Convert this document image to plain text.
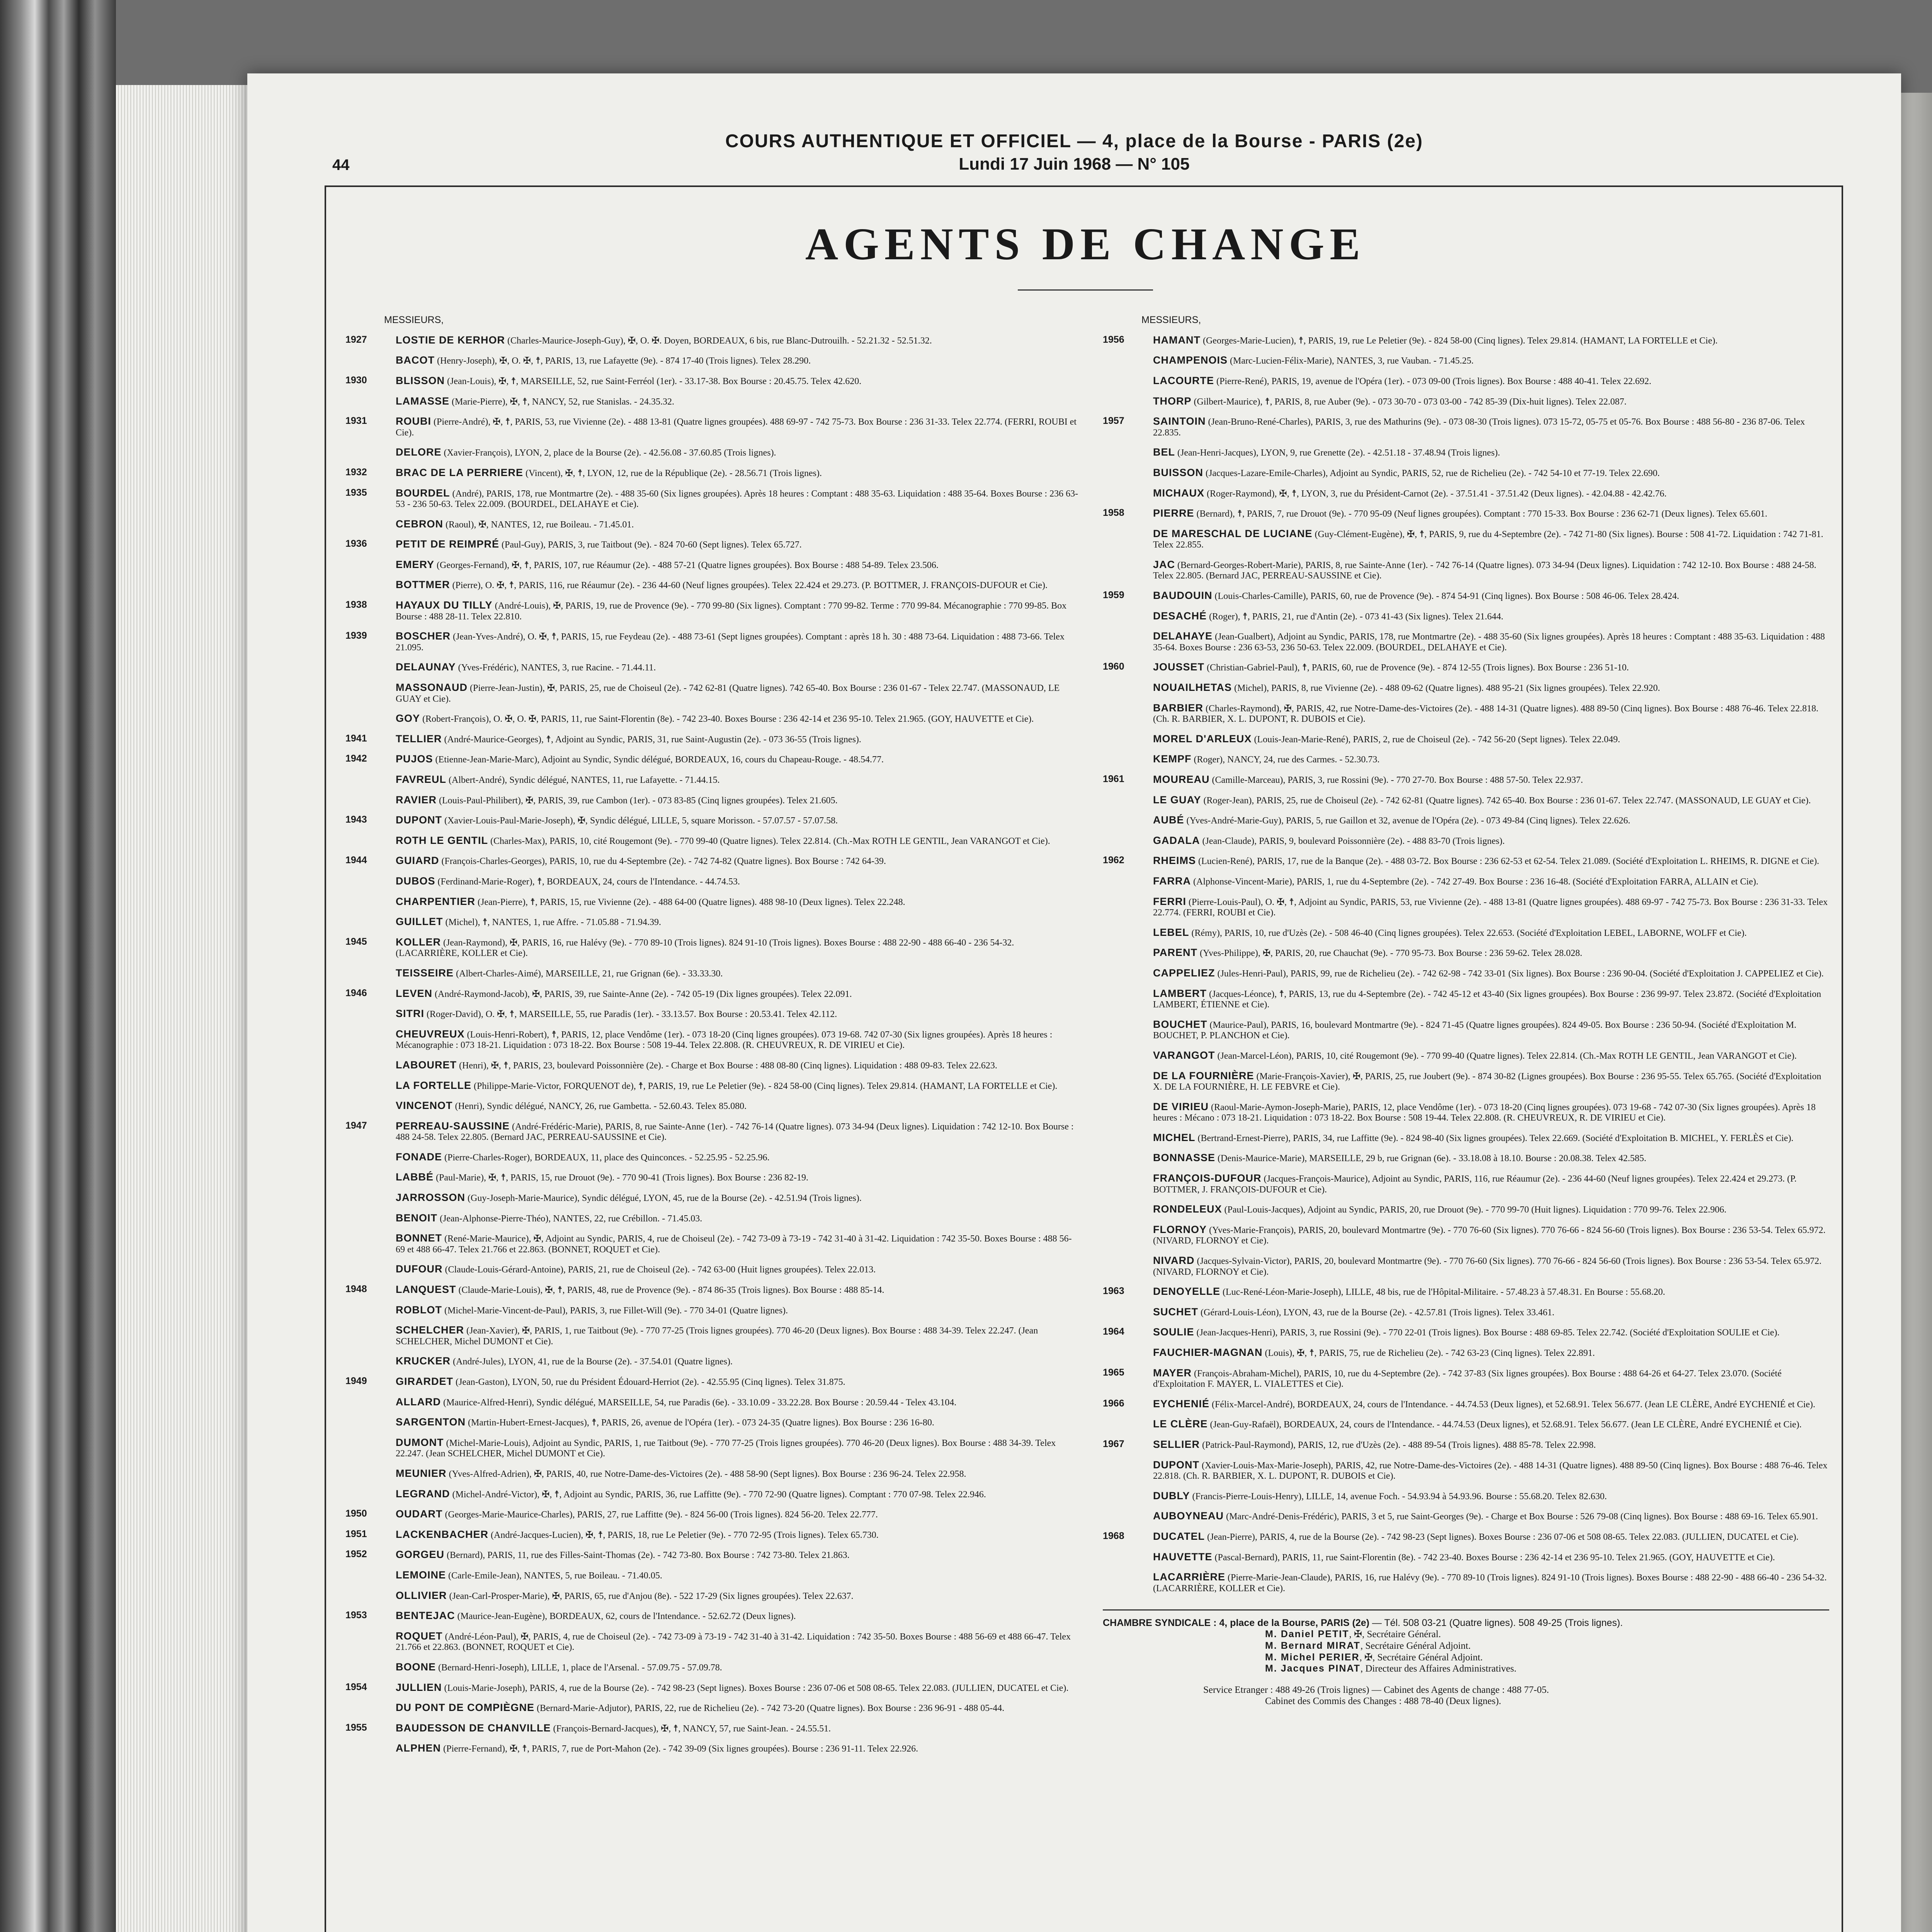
44
COURS AUTHENTIQUE ET OFFICIEL — 4, place de la Bourse - PARIS (2e)
Lundi 17 Juin 1968 — N° 105
AGENTS DE CHANGE
MESSIEURS,
1927	LOSTIE DE KERHOR (Charles-Maurice-Joseph-Guy), ✠, O. ✠. Doyen, BORDEAUX, 6 bis, rue Blanc-Dutrouilh. - 52.21.32 - 52.51.32.
BACOT (Henry-Joseph), ✠, O. ✠, ☨, PARIS, 13, rue Lafayette (9e). - 874 17-40 (Trois lignes). Telex 28.290.
1930	BLISSON (Jean-Louis), ✠, ☨, MARSEILLE, 52, rue Saint-Ferréol (1er). - 33.17-38. Box Bourse : 20.45.75. Telex 42.620.
LAMASSE (Marie-Pierre), ✠, ☨, NANCY, 52, rue Stanislas. - 24.35.32.
1931	ROUBI (Pierre-André), ✠, ☨, PARIS, 53, rue Vivienne (2e). - 488 13-81 (Quatre lignes groupées). 488 69-97 - 742 75-73. Box Bourse : 236 31-33. Telex 22.774. (FERRI, ROUBI et Cie).
DELORE (Xavier-François), LYON, 2, place de la Bourse (2e). - 42.56.08 - 37.60.85 (Trois lignes).
1932	BRAC DE LA PERRIERE (Vincent), ✠, ☨, LYON, 12, rue de la République (2e). - 28.56.71 (Trois lignes).
1935	BOURDEL (André), PARIS, 178, rue Montmartre (2e). - 488 35-60 (Six lignes groupées). Après 18 heures : Comptant : 488 35-63. Liquidation : 488 35-64. Boxes Bourse : 236 63-53 - 236 50-63. Telex 22.009. (BOURDEL, DELAHAYE et Cie).
CEBRON (Raoul), ✠, NANTES, 12, rue Boileau. - 71.45.01.
1936	PETIT DE REIMPRÉ (Paul-Guy), PARIS, 3, rue Taitbout (9e). - 824 70-60 (Sept lignes). Telex 65.727.
EMERY (Georges-Fernand), ✠, ☨, PARIS, 107, rue Réaumur (2e). - 488 57-21 (Quatre lignes groupées). Box Bourse : 488 54-89. Telex 23.506.
BOTTMER (Pierre), O. ✠, ☨, PARIS, 116, rue Réaumur (2e). - 236 44-60 (Neuf lignes groupées). Telex 22.424 et 29.273. (P. BOTTMER, J. FRANÇOIS-DUFOUR et Cie).
1938	HAYAUX DU TILLY (André-Louis), ✠, PARIS, 19, rue de Provence (9e). - 770 99-80 (Six lignes). Comptant : 770 99-82. Terme : 770 99-84. Mécanographie : 770 99-85. Box Bourse : 488 28-11. Telex 22.810.
1939	BOSCHER (Jean-Yves-André), O. ✠, ☨, PARIS, 15, rue Feydeau (2e). - 488 73-61 (Sept lignes groupées). Comptant : après 18 h. 30 : 488 73-64. Liquidation : 488 73-66. Telex 21.095.
DELAUNAY (Yves-Frédéric), NANTES, 3, rue Racine. - 71.44.11.
MASSONAUD (Pierre-Jean-Justin), ✠, PARIS, 25, rue de Choiseul (2e). - 742 62-81 (Quatre lignes). 742 65-40. Box Bourse : 236 01-67 - Telex 22.747. (MASSONAUD, LE GUAY et Cie).
GOY (Robert-François), O. ✠, O. ✠, PARIS, 11, rue Saint-Florentin (8e). - 742 23-40. Boxes Bourse : 236 42-14 et 236 95-10. Telex 21.965. (GOY, HAUVETTE et Cie).
1941	TELLIER (André-Maurice-Georges), ☨, Adjoint au Syndic, PARIS, 31, rue Saint-Augustin (2e). - 073 36-55 (Trois lignes).
1942	PUJOS (Etienne-Jean-Marie-Marc), Adjoint au Syndic, Syndic délégué, BORDEAUX, 16, cours du Chapeau-Rouge. - 48.54.77.
FAVREUL (Albert-André), Syndic délégué, NANTES, 11, rue Lafayette. - 71.44.15.
RAVIER (Louis-Paul-Philibert), ✠, PARIS, 39, rue Cambon (1er). - 073 83-85 (Cinq lignes groupées). Telex 21.605.
1943	DUPONT (Xavier-Louis-Paul-Marie-Joseph), ✠, Syndic délégué, LILLE, 5, square Morisson. - 57.07.57 - 57.07.58.
ROTH LE GENTIL (Charles-Max), PARIS, 10, cité Rougemont (9e). - 770 99-40 (Quatre lignes). Telex 22.814. (Ch.-Max ROTH LE GENTIL, Jean VARANGOT et Cie).
1944	GUIARD (François-Charles-Georges), PARIS, 10, rue du 4-Septembre (2e). - 742 74-82 (Quatre lignes). Box Bourse : 742 64-39.
DUBOS (Ferdinand-Marie-Roger), ☨, BORDEAUX, 24, cours de l'Intendance. - 44.74.53.
CHARPENTIER (Jean-Pierre), ☨, PARIS, 15, rue Vivienne (2e). - 488 64-00 (Quatre lignes). 488 98-10 (Deux lignes). Telex 22.248.
GUILLET (Michel), ☨, NANTES, 1, rue Affre. - 71.05.88 - 71.94.39.
1945	KOLLER (Jean-Raymond), ✠, PARIS, 16, rue Halévy (9e). - 770 89-10 (Trois lignes). 824 91-10 (Trois lignes). Boxes Bourse : 488 22-90 - 488 66-40 - 236 54-32. (LACARRIÈRE, KOLLER et Cie).
TEISSEIRE (Albert-Charles-Aimé), MARSEILLE, 21, rue Grignan (6e). - 33.33.30.
1946	LEVEN (André-Raymond-Jacob), ✠, PARIS, 39, rue Sainte-Anne (2e). - 742 05-19 (Dix lignes groupées). Telex 22.091.
SITRI (Roger-David), O. ✠, ☨, MARSEILLE, 55, rue Paradis (1er). - 33.13.57. Box Bourse : 20.53.41. Telex 42.112.
CHEUVREUX (Louis-Henri-Robert), ☨, PARIS, 12, place Vendôme (1er). - 073 18-20 (Cinq lignes groupées). 073 19-68. 742 07-30 (Six lignes groupées). Après 18 heures : Mécanographie : 073 18-21. Liquidation : 073 18-22. Box Bourse : 508 19-44. Telex 22.808. (R. CHEUVREUX, R. DE VIRIEU et Cie).
LABOURET (Henri), ✠, ☨, PARIS, 23, boulevard Poissonnière (2e). - Charge et Box Bourse : 488 08-80 (Cinq lignes). Liquidation : 488 09-83. Telex 22.623.
LA FORTELLE (Philippe-Marie-Victor, FORQUENOT de), ☨, PARIS, 19, rue Le Peletier (9e). - 824 58-00 (Cinq lignes). Telex 29.814. (HAMANT, LA FORTELLE et Cie).
VINCENOT (Henri), Syndic délégué, NANCY, 26, rue Gambetta. - 52.60.43. Telex 85.080.
1947	PERREAU-SAUSSINE (André-Frédéric-Marie), PARIS, 8, rue Sainte-Anne (1er). - 742 76-14 (Quatre lignes). 073 34-94 (Deux lignes). Liquidation : 742 12-10. Box Bourse : 488 24-58. Telex 22.805. (Bernard JAC, PERREAU-SAUSSINE et Cie).
FONADE (Pierre-Charles-Roger), BORDEAUX, 11, place des Quinconces. - 52.25.95 - 52.25.96.
LABBÉ (Paul-Marie), ✠, ☨, PARIS, 15, rue Drouot (9e). - 770 90-41 (Trois lignes). Box Bourse : 236 82-19.
JARROSSON (Guy-Joseph-Marie-Maurice), Syndic délégué, LYON, 45, rue de la Bourse (2e). - 42.51.94 (Trois lignes).
BENOIT (Jean-Alphonse-Pierre-Théo), NANTES, 22, rue Crébillon. - 71.45.03.
BONNET (René-Marie-Maurice), ✠, Adjoint au Syndic, PARIS, 4, rue de Choiseul (2e). - 742 73-09 à 73-19 - 742 31-40 à 31-42. Liquidation : 742 35-50. Boxes Bourse : 488 56-69 et 488 66-47. Telex 21.766 et 22.863. (BONNET, ROQUET et Cie).
DUFOUR (Claude-Louis-Gérard-Antoine), PARIS, 21, rue de Choiseul (2e). - 742 63-00 (Huit lignes groupées). Telex 22.013.
1948	LANQUEST (Claude-Marie-Louis), ✠, ☨, PARIS, 48, rue de Provence (9e). - 874 86-35 (Trois lignes). Box Bourse : 488 85-14.
ROBLOT (Michel-Marie-Vincent-de-Paul), PARIS, 3, rue Fillet-Will (9e). - 770 34-01 (Quatre lignes).
SCHELCHER (Jean-Xavier), ✠, PARIS, 1, rue Taitbout (9e). - 770 77-25 (Trois lignes groupées). 770 46-20 (Deux lignes). Box Bourse : 488 34-39. Telex 22.247. (Jean SCHELCHER, Michel DUMONT et Cie).
KRUCKER (André-Jules), LYON, 41, rue de la Bourse (2e). - 37.54.01 (Quatre lignes).
1949	GIRARDET (Jean-Gaston), LYON, 50, rue du Président Édouard-Herriot (2e). - 42.55.95 (Cinq lignes). Telex 31.875.
ALLARD (Maurice-Alfred-Henri), Syndic délégué, MARSEILLE, 54, rue Paradis (6e). - 33.10.09 - 33.22.28. Box Bourse : 20.59.44 - Telex 43.104.
SARGENTON (Martin-Hubert-Ernest-Jacques), ☨, PARIS, 26, avenue de l'Opéra (1er). - 073 24-35 (Quatre lignes). Box Bourse : 236 16-80.
DUMONT (Michel-Marie-Louis), Adjoint au Syndic, PARIS, 1, rue Taitbout (9e). - 770 77-25 (Trois lignes groupées). 770 46-20 (Deux lignes). Box Bourse : 488 34-39. Telex 22.247. (Jean SCHELCHER, Michel DUMONT et Cie).
MEUNIER (Yves-Alfred-Adrien), ✠, PARIS, 40, rue Notre-Dame-des-Victoires (2e). - 488 58-90 (Sept lignes). Box Bourse : 236 96-24. Telex 22.958.
LEGRAND (Michel-André-Victor), ✠, ☨, Adjoint au Syndic, PARIS, 36, rue Laffitte (9e). - 770 72-90 (Quatre lignes). Comptant : 770 07-98. Telex 22.946.
1950	OUDART (Georges-Marie-Maurice-Charles), PARIS, 27, rue Laffitte (9e). - 824 56-00 (Trois lignes). 824 56-20. Telex 22.777.
1951	LACKENBACHER (André-Jacques-Lucien), ✠, ☨, PARIS, 18, rue Le Peletier (9e). - 770 72-95 (Trois lignes). Telex 65.730.
1952	GORGEU (Bernard), PARIS, 11, rue des Filles-Saint-Thomas (2e). - 742 73-80. Box Bourse : 742 73-80. Telex 21.863.
LEMOINE (Carle-Emile-Jean), NANTES, 5, rue Boileau. - 71.40.05.
OLLIVIER (Jean-Carl-Prosper-Marie), ✠, PARIS, 65, rue d'Anjou (8e). - 522 17-29 (Six lignes groupées). Telex 22.637.
1953	BENTEJAC (Maurice-Jean-Eugène), BORDEAUX, 62, cours de l'Intendance. - 52.62.72 (Deux lignes).
ROQUET (André-Léon-Paul), ✠, PARIS, 4, rue de Choiseul (2e). - 742 73-09 à 73-19 - 742 31-40 à 31-42. Liquidation : 742 35-50. Boxes Bourse : 488 56-69 et 488 66-47. Telex 21.766 et 22.863. (BONNET, ROQUET et Cie).
BOONE (Bernard-Henri-Joseph), LILLE, 1, place de l'Arsenal. - 57.09.75 - 57.09.78.
1954	JULLIEN (Louis-Marie-Joseph), PARIS, 4, rue de la Bourse (2e). - 742 98-23 (Sept lignes). Boxes Bourse : 236 07-06 et 508 08-65. Telex 22.083. (JULLIEN, DUCATEL et Cie).
DU PONT DE COMPIÈGNE (Bernard-Marie-Adjutor), PARIS, 22, rue de Richelieu (2e). - 742 73-20 (Quatre lignes). Box Bourse : 236 96-91 - 488 05-44.
1955	BAUDESSON DE CHANVILLE (François-Bernard-Jacques), ✠, ☨, NANCY, 57, rue Saint-Jean. - 24.55.51.
ALPHEN (Pierre-Fernand), ✠, ☨, PARIS, 7, rue de Port-Mahon (2e). - 742 39-09 (Six lignes groupées). Bourse : 236 91-11. Telex 22.926.
MESSIEURS,
1956	HAMANT (Georges-Marie-Lucien), ☨, PARIS, 19, rue Le Peletier (9e). - 824 58-00 (Cinq lignes). Telex 29.814. (HAMANT, LA FORTELLE et Cie).
CHAMPENOIS (Marc-Lucien-Félix-Marie), NANTES, 3, rue Vauban. - 71.45.25.
LACOURTE (Pierre-René), PARIS, 19, avenue de l'Opéra (1er). - 073 09-00 (Trois lignes). Box Bourse : 488 40-41. Telex 22.692.
THORP (Gilbert-Maurice), ☨, PARIS, 8, rue Auber (9e). - 073 30-70 - 073 03-00 - 742 85-39 (Dix-huit lignes). Telex 22.087.
1957	SAINTOIN (Jean-Bruno-René-Charles), PARIS, 3, rue des Mathurins (9e). - 073 08-30 (Trois lignes). 073 15-72, 05-75 et 05-76. Box Bourse : 488 56-80 - 236 87-06. Telex 22.835.
BEL (Jean-Henri-Jacques), LYON, 9, rue Grenette (2e). - 42.51.18 - 37.48.94 (Trois lignes).
BUISSON (Jacques-Lazare-Emile-Charles), Adjoint au Syndic, PARIS, 52, rue de Richelieu (2e). - 742 54-10 et 77-19. Telex 22.690.
MICHAUX (Roger-Raymond), ✠, ☨, LYON, 3, rue du Président-Carnot (2e). - 37.51.41 - 37.51.42 (Deux lignes). - 42.04.88 - 42.42.76.
1958	PIERRE (Bernard), ☨, PARIS, 7, rue Drouot (9e). - 770 95-09 (Neuf lignes groupées). Comptant : 770 15-33. Box Bourse : 236 62-71 (Deux lignes). Telex 65.601.
DE MARESCHAL DE LUCIANE (Guy-Clément-Eugène), ✠, ☨, PARIS, 9, rue du 4-Septembre (2e). - 742 71-80 (Six lignes). Bourse : 508 41-72. Liquidation : 742 71-81. Telex 22.855.
JAC (Bernard-Georges-Robert-Marie), PARIS, 8, rue Sainte-Anne (1er). - 742 76-14 (Quatre lignes). 073 34-94 (Deux lignes). Liquidation : 742 12-10. Box Bourse : 488 24-58. Telex 22.805. (Bernard JAC, PERREAU-SAUSSINE et Cie).
1959	BAUDOUIN (Louis-Charles-Camille), PARIS, 60, rue de Provence (9e). - 874 54-91 (Cinq lignes). Box Bourse : 508 46-06. Telex 28.424.
DESACHÉ (Roger), ☨, PARIS, 21, rue d'Antin (2e). - 073 41-43 (Six lignes). Telex 21.644.
DELAHAYE (Jean-Gualbert), Adjoint au Syndic, PARIS, 178, rue Montmartre (2e). - 488 35-60 (Six lignes groupées). Après 18 heures : Comptant : 488 35-63. Liquidation : 488 35-64. Boxes Bourse : 236 63-53, 236 50-63. Telex 22.009. (BOURDEL, DELAHAYE et Cie).
1960	JOUSSET (Christian-Gabriel-Paul), ☨, PARIS, 60, rue de Provence (9e). - 874 12-55 (Trois lignes). Box Bourse : 236 51-10.
NOUAILHETAS (Michel), PARIS, 8, rue Vivienne (2e). - 488 09-62 (Quatre lignes). 488 95-21 (Six lignes groupées). Telex 22.920.
BARBIER (Charles-Raymond), ✠, PARIS, 42, rue Notre-Dame-des-Victoires (2e). - 488 14-31 (Quatre lignes). 488 89-50 (Cinq lignes). Box Bourse : 488 76-46. Telex 22.818. (Ch. R. BARBIER, X. L. DUPONT, R. DUBOIS et Cie).
MOREL D'ARLEUX (Louis-Jean-Marie-René), PARIS, 2, rue de Choiseul (2e). - 742 56-20 (Sept lignes). Telex 22.049.
KEMPF (Roger), NANCY, 24, rue des Carmes. - 52.30.73.
1961	MOUREAU (Camille-Marceau), PARIS, 3, rue Rossini (9e). - 770 27-70. Box Bourse : 488 57-50. Telex 22.937.
LE GUAY (Roger-Jean), PARIS, 25, rue de Choiseul (2e). - 742 62-81 (Quatre lignes). 742 65-40. Box Bourse : 236 01-67. Telex 22.747. (MASSONAUD, LE GUAY et Cie).
AUBÉ (Yves-André-Marie-Guy), PARIS, 5, rue Gaillon et 32, avenue de l'Opéra (2e). - 073 49-84 (Cinq lignes). Telex 22.626.
GADALA (Jean-Claude), PARIS, 9, boulevard Poissonnière (2e). - 488 83-70 (Trois lignes).
1962	RHEIMS (Lucien-René), PARIS, 17, rue de la Banque (2e). - 488 03-72. Box Bourse : 236 62-53 et 62-54. Telex 21.089. (Société d'Exploitation L. RHEIMS, R. DIGNE et Cie).
FARRA (Alphonse-Vincent-Marie), PARIS, 1, rue du 4-Septembre (2e). - 742 27-49. Box Bourse : 236 16-48. (Société d'Exploitation FARRA, ALLAIN et Cie).
FERRI (Pierre-Louis-Paul), O. ✠, ☨, Adjoint au Syndic, PARIS, 53, rue Vivienne (2e). - 488 13-81 (Quatre lignes groupées). 488 69-97 - 742 75-73. Box Bourse : 236 31-33. Telex 22.774. (FERRI, ROUBI et Cie).
LEBEL (Rémy), PARIS, 10, rue d'Uzès (2e). - 508 46-40 (Cinq lignes groupées). Telex 22.653. (Société d'Exploitation LEBEL, LABORNE, WOLFF et Cie).
PARENT (Yves-Philippe), ✠, PARIS, 20, rue Chauchat (9e). - 770 95-73. Box Bourse : 236 59-62. Telex 28.028.
CAPPELIEZ (Jules-Henri-Paul), PARIS, 99, rue de Richelieu (2e). - 742 62-98 - 742 33-01 (Six lignes). Box Bourse : 236 90-04. (Société d'Exploitation J. CAPPELIEZ et Cie).
LAMBERT (Jacques-Léonce), ☨, PARIS, 13, rue du 4-Septembre (2e). - 742 45-12 et 43-40 (Six lignes groupées). Box Bourse : 236 99-97. Telex 23.872. (Société d'Exploitation LAMBERT, ÉTIENNE et Cie).
BOUCHET (Maurice-Paul), PARIS, 16, boulevard Montmartre (9e). - 824 71-45 (Quatre lignes groupées). 824 49-05. Box Bourse : 236 50-94. (Société d'Exploitation M. BOUCHET, P. PLANCHON et Cie).
VARANGOT (Jean-Marcel-Léon), PARIS, 10, cité Rougemont (9e). - 770 99-40 (Quatre lignes). Telex 22.814. (Ch.-Max ROTH LE GENTIL, Jean VARANGOT et Cie).
DE LA FOURNIÈRE (Marie-François-Xavier), ✠, PARIS, 25, rue Joubert (9e). - 874 30-82 (Lignes groupées). Box Bourse : 236 95-55. Telex 65.765. (Société d'Exploitation X. DE LA FOURNIÈRE, H. LE FEBVRE et Cie).
DE VIRIEU (Raoul-Marie-Aymon-Joseph-Marie), PARIS, 12, place Vendôme (1er). - 073 18-20 (Cinq lignes groupées). 073 19-68 - 742 07-30 (Six lignes groupées). Après 18 heures : Mécano : 073 18-21. Liquidation : 073 18-22. Box Bourse : 508 19-44. Telex 22.808. (R. CHEUVREUX, R. DE VIRIEU et Cie).
MICHEL (Bertrand-Ernest-Pierre), PARIS, 34, rue Laffitte (9e). - 824 98-40 (Six lignes groupées). Telex 22.669. (Société d'Exploitation B. MICHEL, Y. FERLÈS et Cie).
BONNASSE (Denis-Maurice-Marie), MARSEILLE, 29 b, rue Grignan (6e). - 33.18.08 à 18.10. Bourse : 20.08.38. Telex 42.585.
FRANÇOIS-DUFOUR (Jacques-François-Maurice), Adjoint au Syndic, PARIS, 116, rue Réaumur (2e). - 236 44-60 (Neuf lignes groupées). Telex 22.424 et 29.273. (P. BOTTMER, J. FRANÇOIS-DUFOUR et Cie).
RONDELEUX (Paul-Louis-Jacques), Adjoint au Syndic, PARIS, 20, rue Drouot (9e). - 770 99-70 (Huit lignes). Liquidation : 770 99-76. Telex 22.906.
FLORNOY (Yves-Marie-François), PARIS, 20, boulevard Montmartre (9e). - 770 76-60 (Six lignes). 770 76-66 - 824 56-60 (Trois lignes). Box Bourse : 236 53-54. Telex 65.972. (NIVARD, FLORNOY et Cie).
NIVARD (Jacques-Sylvain-Victor), PARIS, 20, boulevard Montmartre (9e). - 770 76-60 (Six lignes). 770 76-66 - 824 56-60 (Trois lignes). Box Bourse : 236 53-54. Telex 65.972. (NIVARD, FLORNOY et Cie).
1963	DENOYELLE (Luc-René-Léon-Marie-Joseph), LILLE, 48 bis, rue de l'Hôpital-Militaire. - 57.48.23 à 57.48.31. En Bourse : 55.68.20.
SUCHET (Gérard-Louis-Léon), LYON, 43, rue de la Bourse (2e). - 42.57.81 (Trois lignes). Telex 33.461.
1964	SOULIE (Jean-Jacques-Henri), PARIS, 3, rue Rossini (9e). - 770 22-01 (Trois lignes). Box Bourse : 488 69-85. Telex 22.742. (Société d'Exploitation SOULIE et Cie).
FAUCHIER-MAGNAN (Louis), ✠, ☨, PARIS, 75, rue de Richelieu (2e). - 742 63-23 (Cinq lignes). Telex 22.891.
1965	MAYER (François-Abraham-Michel), PARIS, 10, rue du 4-Septembre (2e). - 742 37-83 (Six lignes groupées). Box Bourse : 488 64-26 et 64-27. Telex 23.070. (Société d'Exploitation F. MAYER, L. VIALETTES et Cie).
1966	EYCHENIÉ (Félix-Marcel-André), BORDEAUX, 24, cours de l'Intendance. - 44.74.53 (Deux lignes), et 52.68.91. Telex 56.677. (Jean LE CLÈRE, André EYCHENIÉ et Cie).
LE CLÈRE (Jean-Guy-Rafaël), BORDEAUX, 24, cours de l'Intendance. - 44.74.53 (Deux lignes), et 52.68.91. Telex 56.677. (Jean LE CLÈRE, André EYCHENIÉ et Cie).
1967	SELLIER (Patrick-Paul-Raymond), PARIS, 12, rue d'Uzès (2e). - 488 89-54 (Trois lignes). 488 85-78. Telex 22.998.
DUPONT (Xavier-Louis-Max-Marie-Joseph), PARIS, 42, rue Notre-Dame-des-Victoires (2e). - 488 14-31 (Quatre lignes). 488 89-50 (Cinq lignes). Box Bourse : 488 76-46. Telex 22.818. (Ch. R. BARBIER, X. L. DUPONT, R. DUBOIS et Cie).
DUBLY (Francis-Pierre-Louis-Henry), LILLE, 14, avenue Foch. - 54.93.94 à 54.93.96. Bourse : 55.68.20. Telex 82.630.
AUBOYNEAU (Marc-André-Denis-Frédéric), PARIS, 3 et 5, rue Saint-Georges (9e). - Charge et Box Bourse : 526 79-08 (Cinq lignes). Box Bourse : 488 69-16. Telex 65.901.
1968	DUCATEL (Jean-Pierre), PARIS, 4, rue de la Bourse (2e). - 742 98-23 (Sept lignes). Boxes Bourse : 236 07-06 et 508 08-65. Telex 22.083. (JULLIEN, DUCATEL et Cie).
HAUVETTE (Pascal-Bernard), PARIS, 11, rue Saint-Florentin (8e). - 742 23-40. Boxes Bourse : 236 42-14 et 236 95-10. Telex 21.965. (GOY, HAUVETTE et Cie).
LACARRIÈRE (Pierre-Marie-Jean-Claude), PARIS, 16, rue Halévy (9e). - 770 89-10 (Trois lignes). 824 91-10 (Trois lignes). Boxes Bourse : 488 22-90 - 488 66-40 - 236 54-32. (LACARRIÈRE, KOLLER et Cie).
CHAMBRE SYNDICALE : 4, place de la Bourse, PARIS (2e) — Tél. 508 03-21 (Quatre lignes). 508 49-25 (Trois lignes).
M. Daniel PETIT, ✠, Secrétaire Général.
M. Bernard MIRAT, Secrétaire Général Adjoint.
M. Michel PERIER, ✠, Secrétaire Général Adjoint.
M. Jacques PINAT, Directeur des Affaires Administratives.
Service Etranger : 488 49-26 (Trois lignes) — Cabinet des Agents de change : 488 77-05.
Cabinet des Commis des Changes : 488 78-40 (Deux lignes).
